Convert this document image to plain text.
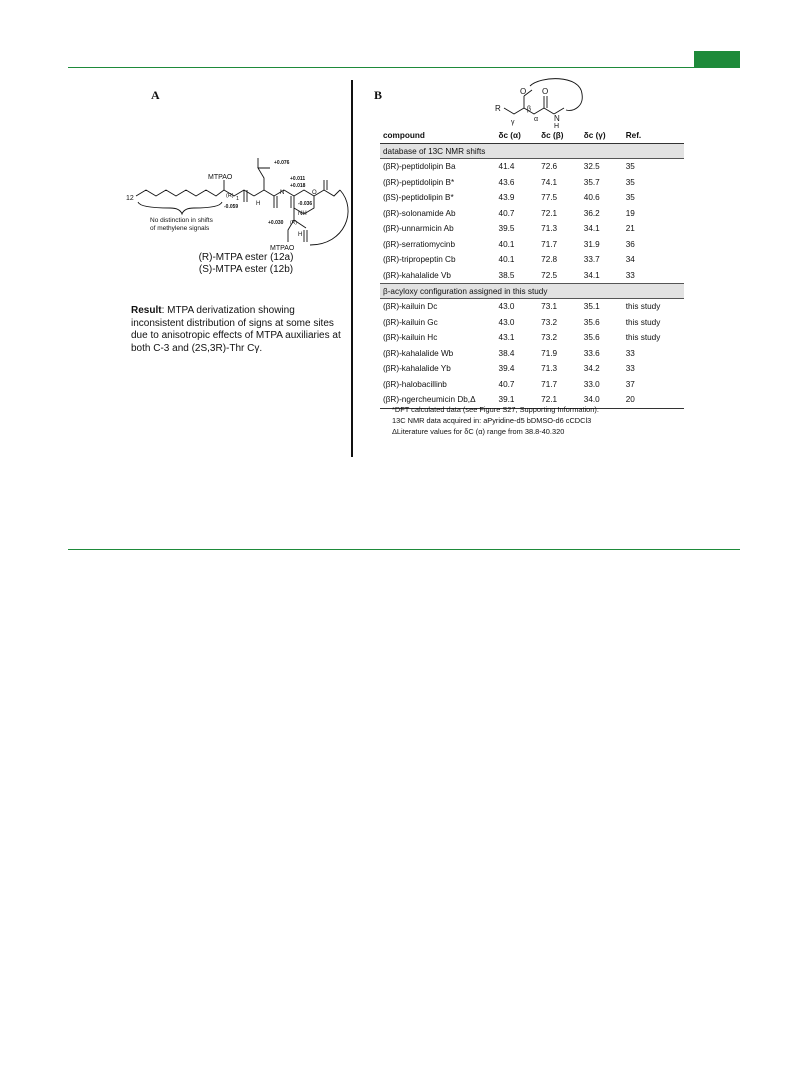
A
12
MTPAO
(R) 1
H
N
-0.059
+0.076
+0.011
+0.018
-0.036
NH
O
+0.030 (R)
H
MTPAO
No distinction in shifts
of methylene signals
(R)-MTPA ester (12a)
(S)-MTPA ester (12b)
Result: MTPA derivatization showing inconsistent distribution of signs at some sites due to anisotropic effects of MTPA auxiliaries at both C-3 and (2S,3R)-Thr Cγ.
B
R
O O
N
H
γ
β
α
compound	δc (α)	δc (β)	δc (γ)	Ref.
database of 13C NMR shifts				
(βR)-peptidolipin Ba	41.4	72.6	32.5	35
(βR)-peptidolipin B*	43.6	74.1	35.7	35
(βS)-peptidolipin B*	43.9	77.5	40.6	35
(βR)-solonamide Ab	40.7	72.1	36.2	19
(βR)-unnarmicin Ab	39.5	71.3	34.1	21
(βR)-serratiomycinb	40.1	71.7	31.9	36
(βR)-tripropeptin Cb	40.1	72.8	33.7	34
(βR)-kahalalide Vb	38.5	72.5	34.1	33
β-acyloxy configuration assigned in this study				
(βR)-kailuin Dc	43.0	73.1	35.1	this study
(βR)-kailuin Gc	43.0	73.2	35.6	this study
(βR)-kailuin Hc	43.1	73.2	35.6	this study
(βR)-kahalalide Wb	38.4	71.9	33.6	33
(βR)-kahalalide Yb	39.4	71.3	34.2	33
(βR)-halobacillinb	40.7	71.7	33.0	37
(βR)-ngercheumicin Db,Δ	39.1	72.1	34.0	20
*DFT calculated data (see Figure S27, Supporting Information).
13C NMR data acquired in: aPyridine-d5 bDMSO-d6 cCDCl3
ΔLiterature values for δC (α) range from 38.8-40.320
